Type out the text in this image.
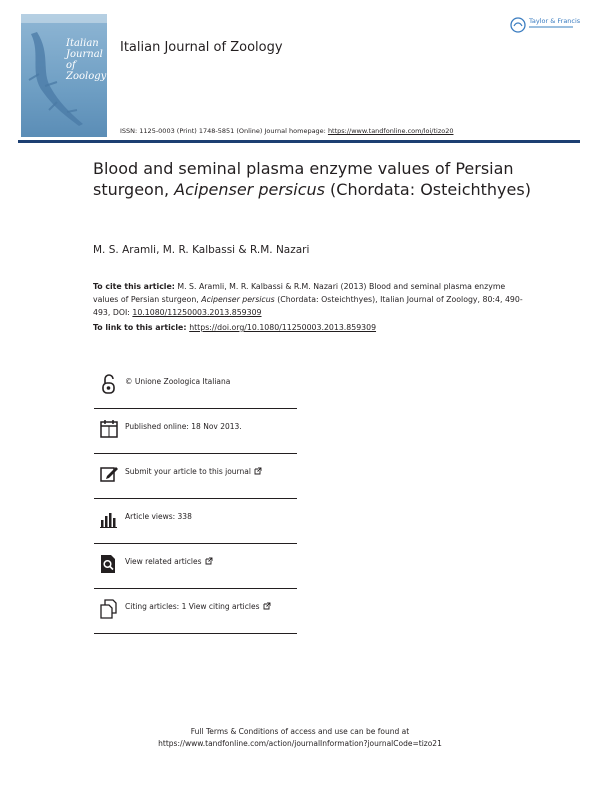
Italian Journal of Zoology
Italian Journal of Zoology
Taylor & Francis
ISSN: 1125-0003 (Print) 1748-5851 (Online) Journal homepage: https://www.tandfonline.com/loi/tizo20
Blood and seminal plasma enzyme values of Persian sturgeon, Acipenser persicus (Chordata: Osteichthyes)
M. S. Aramli, M. R. Kalbassi & R.M. Nazari
To cite this article: M. S. Aramli, M. R. Kalbassi & R.M. Nazari (2013) Blood and seminal plasma enzyme values of Persian sturgeon, Acipenser persicus (Chordata: Osteichthyes), Italian Journal of Zoology, 80:4, 490-493, DOI: 10.1080/11250003.2013.859309
To link to this article: https://doi.org/10.1080/11250003.2013.859309
© Unione Zoologica Italiana
Published online: 18 Nov 2013.
Submit your article to this journal
Article views: 338
View related articles
Citing articles: 1 View citing articles
Full Terms & Conditions of access and use can be found at
https://www.tandfonline.com/action/journalInformation?journalCode=tizo21
